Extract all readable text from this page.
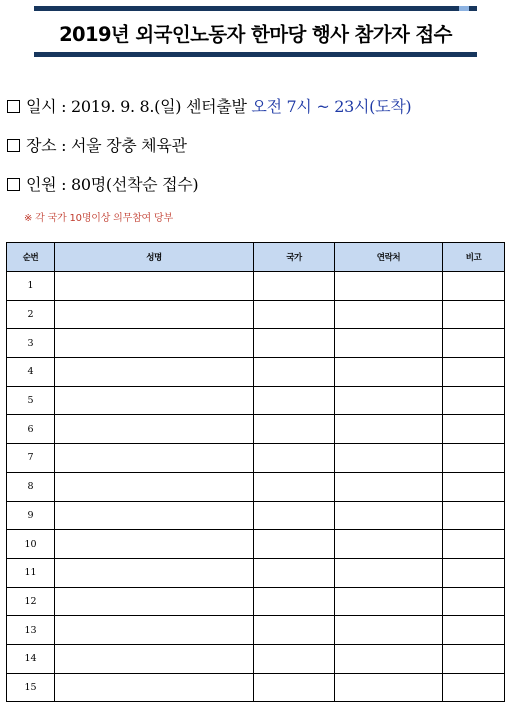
2019년 외국인노동자 한마당 행사 참가자 접수
일시 : 2019. 9. 8.(일) 센터출발 오전 7시 ~ 23시(도착)
장소 : 서울 장충 체육관
인원 : 80명(선착순 접수)
※ 각 국가 10명이상 의무참여 당부
순번	성명	국가	연락처	비고
1				
2				
3				
4				
5				
6				
7				
8				
9				
10				
11				
12				
13				
14				
15				
